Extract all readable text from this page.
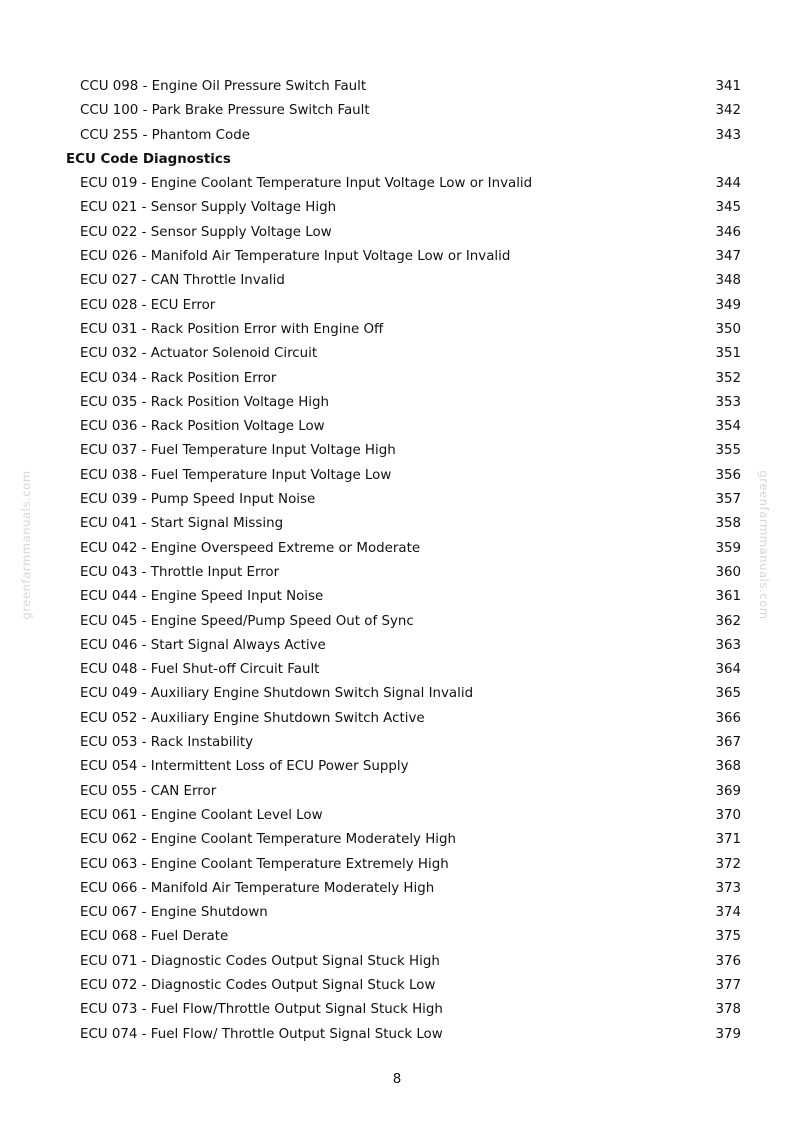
CCU 098 - Engine Oil Pressure Switch Fault	341
CCU 100 - Park Brake Pressure Switch Fault	342
CCU 255 - Phantom Code	343
ECU Code Diagnostics
ECU 019 - Engine Coolant Temperature Input Voltage Low or Invalid	344
ECU 021 - Sensor Supply Voltage High	345
ECU 022 - Sensor Supply Voltage Low	346
ECU 026 - Manifold Air Temperature Input Voltage Low or Invalid	347
ECU 027 - CAN Throttle Invalid	348
ECU 028 - ECU Error	349
ECU 031 - Rack Position Error with Engine Off	350
ECU 032 - Actuator Solenoid Circuit	351
ECU 034 - Rack Position Error	352
ECU 035 - Rack Position Voltage High	353
ECU 036 - Rack Position Voltage Low	354
ECU 037 - Fuel Temperature Input Voltage High	355
ECU 038 - Fuel Temperature Input Voltage Low	356
ECU 039 - Pump Speed Input Noise	357
ECU 041 - Start Signal Missing	358
ECU 042 - Engine Overspeed Extreme or Moderate	359
ECU 043 - Throttle Input Error	360
ECU 044 - Engine Speed Input Noise	361
ECU 045 - Engine Speed/Pump Speed Out of Sync	362
ECU 046 - Start Signal Always Active	363
ECU 048 - Fuel Shut-off Circuit Fault	364
ECU 049 - Auxiliary Engine Shutdown Switch Signal Invalid	365
ECU 052 - Auxiliary Engine Shutdown Switch Active	366
ECU 053 - Rack Instability	367
ECU 054 - Intermittent Loss of ECU Power Supply	368
ECU 055 - CAN Error	369
ECU 061 - Engine Coolant Level Low	370
ECU 062 - Engine Coolant Temperature Moderately High	371
ECU 063 - Engine Coolant Temperature Extremely High	372
ECU 066 - Manifold Air Temperature Moderately High	373
ECU 067 - Engine Shutdown	374
ECU 068 - Fuel Derate	375
ECU 071 - Diagnostic Codes Output Signal Stuck High	376
ECU 072 - Diagnostic Codes Output Signal Stuck Low	377
ECU 073 - Fuel Flow/Throttle Output Signal Stuck High	378
ECU 074 - Fuel Flow/ Throttle Output Signal Stuck Low	379
8
greenfarmmanuals.com	greenfarmmanuals.com
